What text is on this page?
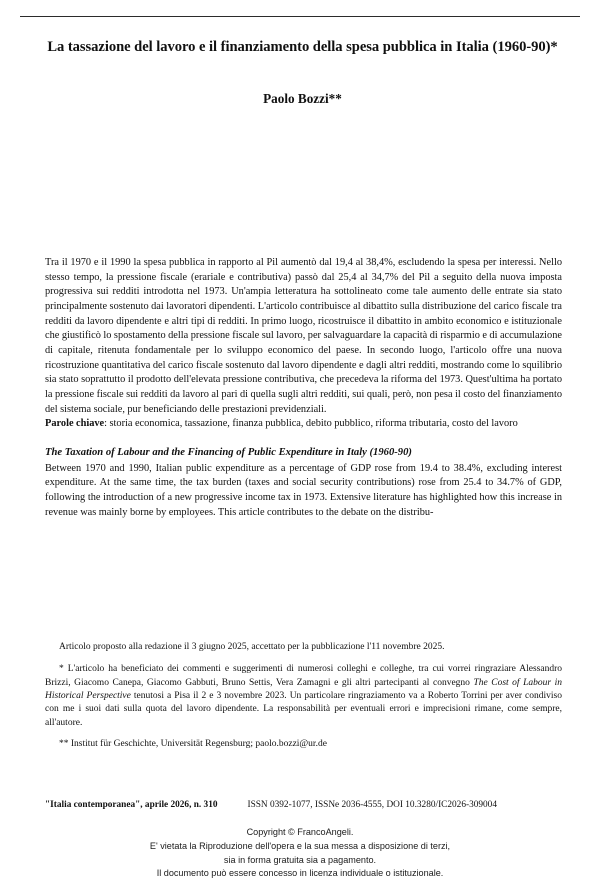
La tassazione del lavoro e il finanziamento della spesa pubblica in Italia (1960-90)*

Paolo Bozzi**

Tra il 1970 e il 1990 la spesa pubblica in rapporto al Pil aumentò dal 19,4 al 38,4%, escludendo la spesa per interessi. Nello stesso tempo, la pressione fiscale (erariale e contributiva) passò dal 25,4 al 34,7% del Pil a seguito della nuova imposta progressiva sui redditi introdotta nel 1973. Un'ampia letteratura ha sottolineato come tale aumento delle entrate sia stato principalmente sostenuto dai lavoratori dipendenti. L'articolo contribuisce al dibattito sulla distribuzione del carico fiscale tra redditi da lavoro dipendente e altri tipi di redditi. In primo luogo, ricostruisce il dibattito in ambito economico e istituzionale che giustificò lo spostamento della pressione fiscale sul lavoro, per salvaguardare la capacità di risparmio e di accumulazione di capitale, ritenuta fondamentale per lo sviluppo economico del paese. In secondo luogo, l'articolo offre una nuova ricostruzione quantitativa del carico fiscale sostenuto dal lavoro dipendente e dagli altri redditi, mostrando come lo squilibrio sia stato soprattutto il prodotto dell'elevata pressione contributiva, che precedeva la riforma del 1973. Quest'ultima ha portato la pressione fiscale sui redditi da lavoro al pari di quella sugli altri redditi, sui quali, però, non pesa il costo del finanziamento del sistema sociale, pur beneficiando delle prestazioni previdenziali.

Parole chiave: storia economica, tassazione, finanza pubblica, debito pubblico, riforma tributaria, costo del lavoro

The Taxation of Labour and the Financing of Public Expenditure in Italy (1960-90)

Between 1970 and 1990, Italian public expenditure as a percentage of GDP rose from 19.4 to 38.4%, excluding interest expenditure. At the same time, the tax burden (taxes and social security contributions) rose from 25.4 to 34.7% of GDP, following the introduction of a new progressive income tax in 1973. Extensive literature has highlighted how this increase in revenue was mainly borne by employees. This article contributes to the debate on the distribu-

Articolo proposto alla redazione il 3 giugno 2025, accettato per la pubblicazione l'11 novembre 2025.

* L'articolo ha beneficiato dei commenti e suggerimenti di numerosi colleghi e colleghe, tra cui vorrei ringraziare Alessandro Brizzi, Giacomo Canepa, Giacomo Gabbuti, Bruno Settis, Vera Zamagni e gli altri partecipanti al convegno The Cost of Labour in Historical Perspective tenutosi a Pisa il 2 e 3 novembre 2023. Un particolare ringraziamento va a Roberto Torrini per aver condiviso con me i suoi dati sulla quota del lavoro dipendente. La responsabilità per eventuali errori e imprecisioni rimane, come sempre, all'autore.

** Institut für Geschichte, Universität Regensburg; paolo.bozzi@ur.de

"Italia contemporanea", aprile 2026, n. 310	ISSN 0392-1077, ISSNe 2036-4555, DOI 10.3280/IC2026-309004
Copyright © FrancoAngeli.
E' vietata la Riproduzione dell'opera e la sua messa a disposizione di terzi,
sia in forma gratuita sia a pagamento.
Il documento può essere concesso in licenza individuale o istituzionale.
